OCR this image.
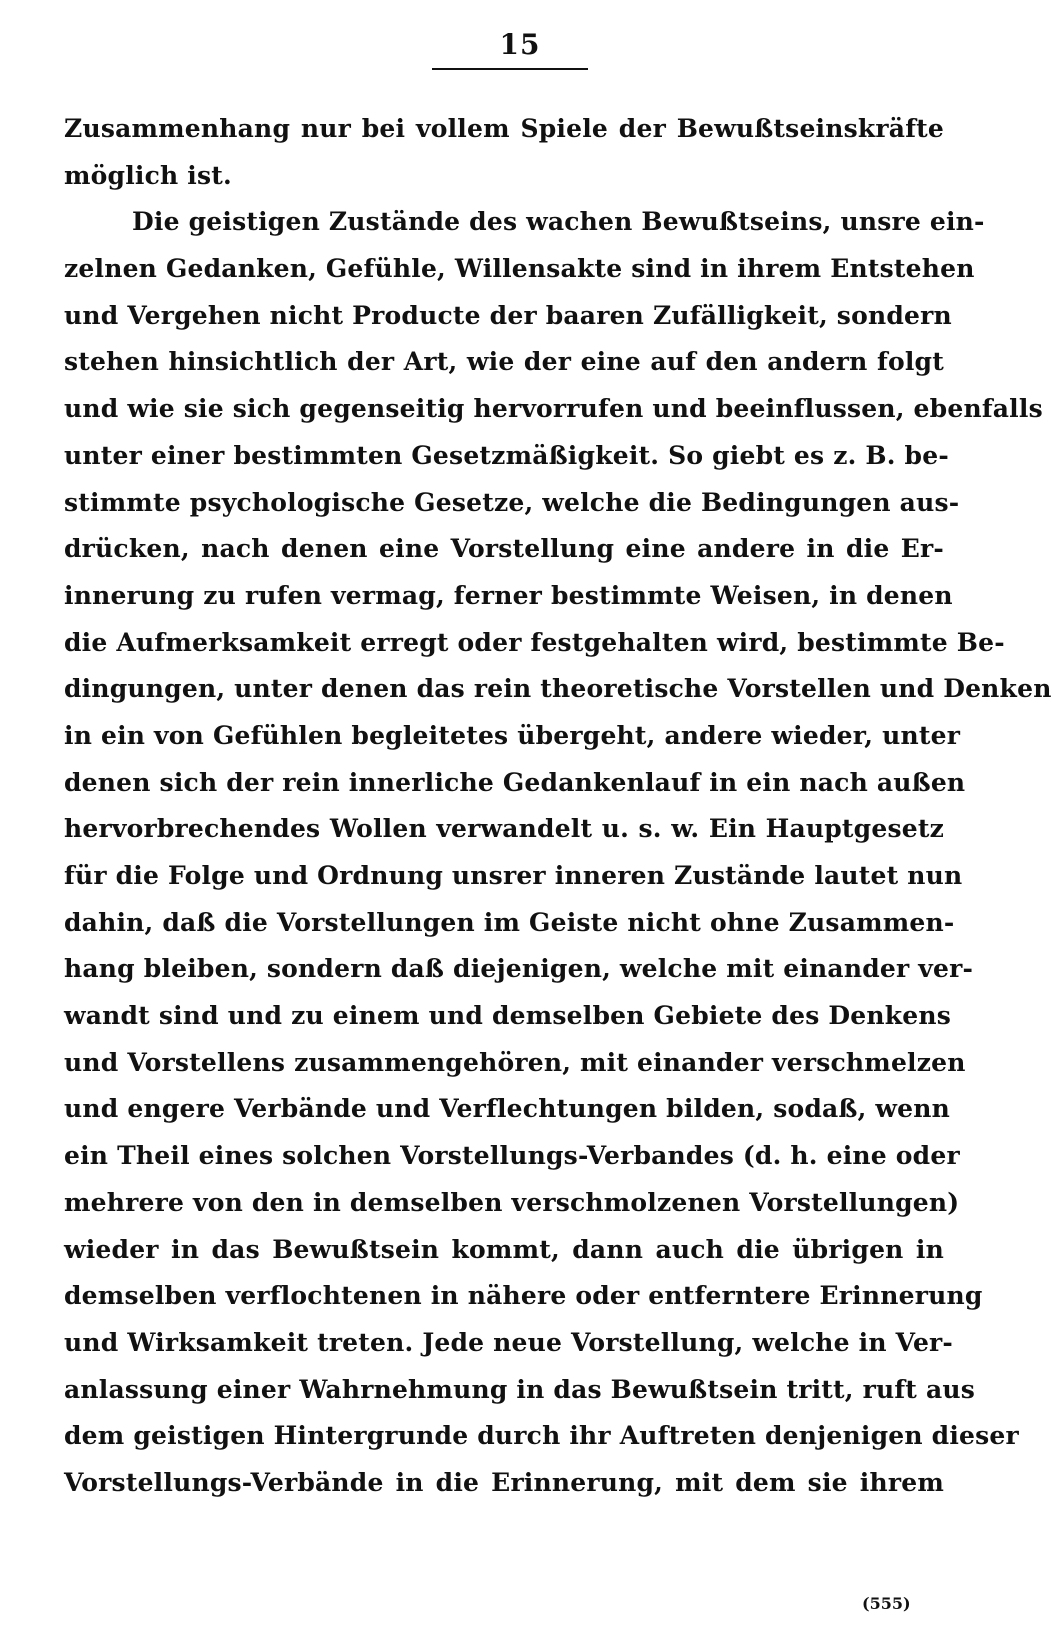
15
Zusammenhang nur bei vollem Spiele der Bewußtseinskräfte
möglich ist.
Die geistigen Zustände des wachen Bewußtseins, unsre ein-
zelnen Gedanken, Gefühle, Willensakte sind in ihrem Entstehen
und Vergehen nicht Producte der baaren Zufälligkeit, sondern
stehen hinsichtlich der Art, wie der eine auf den andern folgt
und wie sie sich gegenseitig hervorrufen und beeinflussen, ebenfalls
unter einer bestimmten Gesetzmäßigkeit. So giebt es z. B. be-
stimmte psychologische Gesetze, welche die Bedingungen aus-
drücken, nach denen eine Vorstellung eine andere in die Er-
innerung zu rufen vermag, ferner bestimmte Weisen, in denen
die Aufmerksamkeit erregt oder festgehalten wird, bestimmte Be-
dingungen, unter denen das rein theoretische Vorstellen und Denken
in ein von Gefühlen begleitetes übergeht, andere wieder, unter
denen sich der rein innerliche Gedankenlauf in ein nach außen
hervorbrechendes Wollen verwandelt u. s. w. Ein Hauptgesetz
für die Folge und Ordnung unsrer inneren Zustände lautet nun
dahin, daß die Vorstellungen im Geiste nicht ohne Zusammen-
hang bleiben, sondern daß diejenigen, welche mit einander ver-
wandt sind und zu einem und demselben Gebiete des Denkens
und Vorstellens zusammengehören, mit einander verschmelzen
und engere Verbände und Verflechtungen bilden, sodaß, wenn
ein Theil eines solchen Vorstellungs-Verbandes (d. h. eine oder
mehrere von den in demselben verschmolzenen Vorstellungen)
wieder in das Bewußtsein kommt, dann auch die übrigen in
demselben verflochtenen in nähere oder entferntere Erinnerung
und Wirksamkeit treten. Jede neue Vorstellung, welche in Ver-
anlassung einer Wahrnehmung in das Bewußtsein tritt, ruft aus
dem geistigen Hintergrunde durch ihr Auftreten denjenigen dieser
Vorstellungs-Verbände in die Erinnerung, mit dem sie ihrem
(555)
